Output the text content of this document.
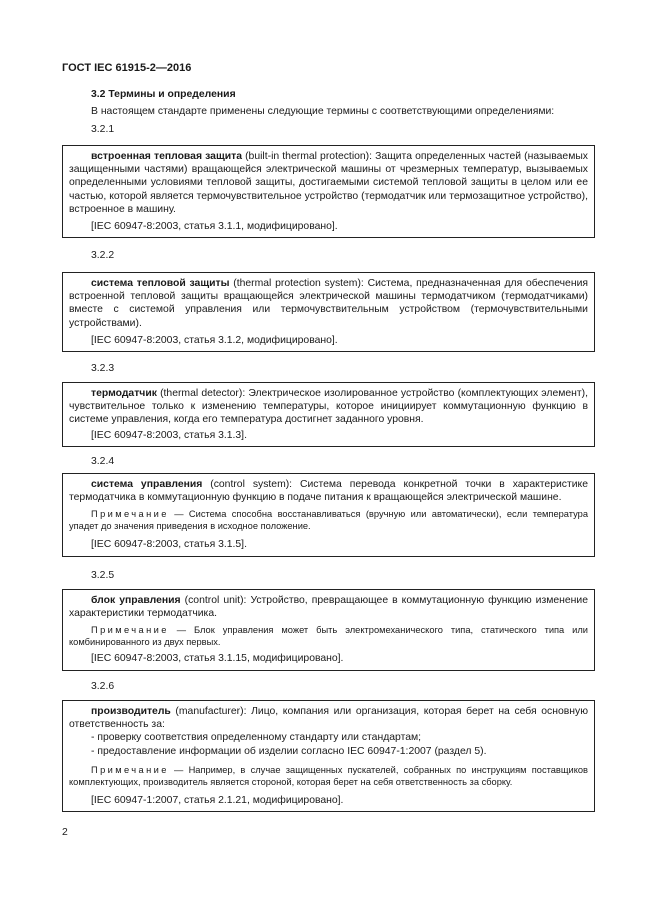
ГОСТ IEC 61915-2—2016
3.2 Термины и определения
В настоящем стандарте применены следующие термины с соответствующими определениями:
3.2.1

встроенная тепловая защита (built-in thermal protection): Защита определенных частей (называемых защищенными частями) вращающейся электрической машины от чрезмерных температур, вызываемых определенными условиями тепловой защиты, достигаемыми системой тепловой защиты в целом или ее частью, которой является термочувствительное устройство (термодатчик или термозащитное устройство), встроенное в машину.

[IEC 60947-8:2003, статья 3.1.1, модифицировано].
3.2.2

система тепловой защиты (thermal protection system): Система, предназначенная для обеспечения встроенной тепловой защиты вращающейся электрической машины термодатчиком (термодатчиками) вместе с системой управления или термочувствительным устройством (термочувствительными устройствами).

[IEC 60947-8:2003, статья 3.1.2, модифицировано].
3.2.3

термодатчик (thermal detector): Электрическое изолированное устройство (комплектующих элемент), чувствительное только к изменению температуры, которое инициирует коммутационную функцию в системе управления, когда его температура достигнет заданного уровня.

[IEC 60947-8:2003, статья 3.1.3].
3.2.4

система управления (control system): Система перевода конкретной точки в характеристике термодатчика в коммутационную функцию в подаче питания к вращающейся электрической машине.

Примечание — Система способна восстанавливаться (вручную или автоматически), если температура упадет до значения приведения в исходное положение.

[IEC 60947-8:2003, статья 3.1.5].
3.2.5

блок управления (control unit): Устройство, превращающее в коммутационную функцию изменение характеристики термодатчика.

Примечание — Блок управления может быть электромеханического типа, статического типа или комбинированного из двух первых.

[IEC 60947-8:2003, статья 3.1.15, модифицировано].
3.2.6

производитель (manufacturer): Лицо, компания или организация, которая берет на себя основную ответственность за:

- проверку соответствия определенному стандарту или стандартам;
- предоставление информации об изделии согласно IEC 60947-1:2007 (раздел 5).

Примечание — Например, в случае защищенных пускателей, собранных по инструкциям поставщиков комплектующих, производитель является стороной, которая берет на себя ответственность за сборку.

[IEC 60947-1:2007, статья 2.1.21, модифицировано].
2
